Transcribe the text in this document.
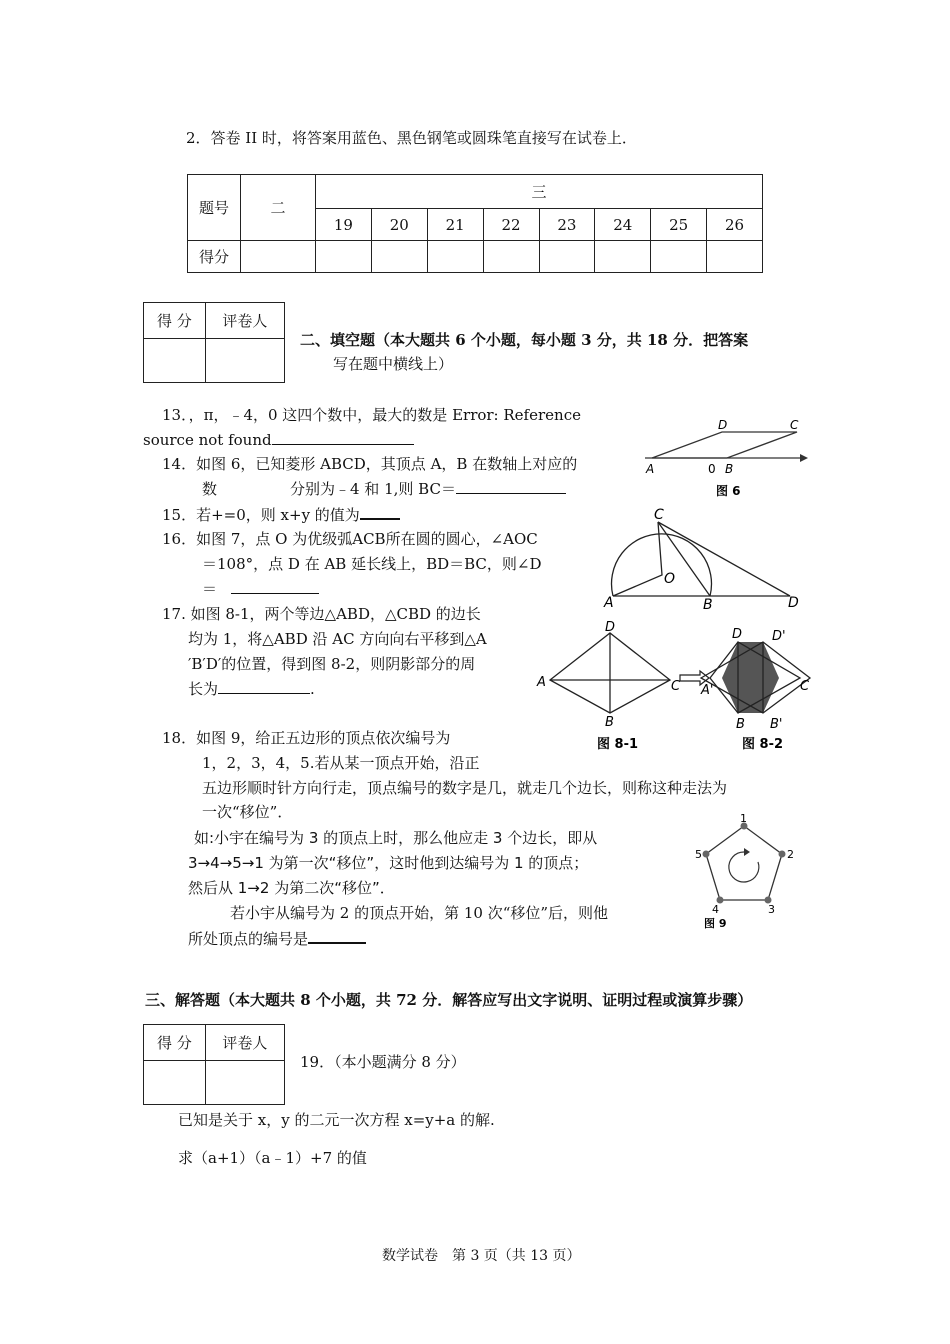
2．答卷 II 时，将答案用蓝色、黑色钢笔或圆珠笔直接写在试卷上．
题号	二	三							
		19	20	21	22	23	24	25	26
得分									
得 分	评卷人

二、填空题（本大题共 6 个小题，每小题 3 分，共 18 分．把答案
写在题中横线上）
13．，π，﹣4，0 这四个数中，最大的数是 Error: Reference
source not found
14．如图 6，已知菱形 ABCD，其顶点 A，B 在数轴上对应的
数	分别为﹣4 和 1,则 BC＝
15．若+=0，则 x+y 的值为
16．如图 7，点 O 为优级弧ACB所在圆的圆心，∠AOC
＝108°，点 D 在 AB 延长线上，BD＝BC，则∠D
＝
17. 如图 8-1，两个等边△ABD，△CBD 的边长
均为 1，将△ABD 沿 AC 方向向右平移到△A
′B′D′的位置，得到图 8-2，则阴影部分的周
长为	.
18．如图 9，给正五边形的顶点依次编号为
1，2，3，4，5.若从某一顶点开始，沿正
五边形顺时针方向行走，顶点编号的数字是几，就走几个边长，则称这种走法为
一次“移位”．
如:小宇在编号为 3 的顶点上时，那么他应走 3 个边长，即从
3→4→5→1 为第一次“移位”，这时他到达编号为 1 的顶点；
然后从 1→2 为第二次“移位”．
若小宇从编号为 2 的顶点开始，第 10 次“移位”后，则他
所处顶点的编号是
三、解答题（本大题共 8 个小题，共 72 分．解答应写出文字说明、证明过程或演算步骤）
得 分	评卷人

19．（本小题满分 8 分）
已知是关于 x，y 的二元一次方程 x=y+a 的解.
求（a+1）（a﹣1）+7 的值
数学试卷　第 3 页（共 13 页）
D	C
A	0 B
图 6
C
O
A	B	D
D
A	C
B
D D'
A'	C
B B'
图 8-1	图 8-2
1
2
3
4
5
图 9
